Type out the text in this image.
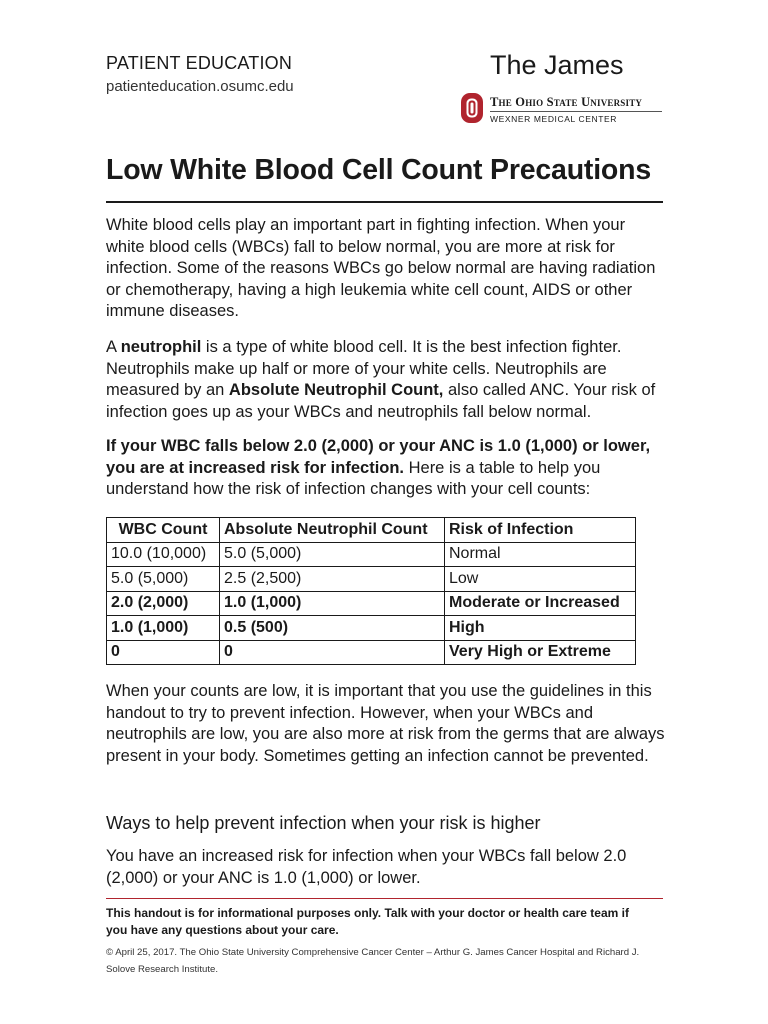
PATIENT EDUCATION
patienteducation.osumc.edu
The James
The Ohio State University
WEXNER MEDICAL CENTER
Low White Blood Cell Count Precautions

White blood cells play an important part in fighting infection. When your white blood cells (WBCs) fall to below normal, you are more at risk for infection. Some of the reasons WBCs go below normal are having radiation or chemotherapy, having a high leukemia white cell count, AIDS or other immune diseases.

A neutrophil is a type of white blood cell. It is the best infection fighter. Neutrophils make up half or more of your white cells. Neutrophils are measured by an Absolute Neutrophil Count, also called ANC. Your risk of infection goes up as your WBCs and neutrophils fall below normal.

If your WBC falls below 2.0 (2,000) or your ANC is 1.0 (1,000) or lower, you are at increased risk for infection. Here is a table to help you understand how the risk of infection changes with your cell counts:

WBC Count	Absolute Neutrophil Count	Risk of Infection
10.0 (10,000)	5.0 (5,000)	Normal
5.0 (5,000)	2.5 (2,500)	Low
2.0 (2,000)	1.0 (1,000)	Moderate or Increased
1.0 (1,000)	0.5 (500)	High
0	0	Very High or Extreme

When your counts are low, it is important that you use the guidelines in this handout to try to prevent infection. However, when your WBCs and neutrophils are low, you are also more at risk from the germs that are always present in your body. Sometimes getting an infection cannot be prevented.

Ways to help prevent infection when your risk is higher

You have an increased risk for infection when your WBCs fall below 2.0 (2,000) or your ANC is 1.0 (1,000) or lower.

This handout is for informational purposes only. Talk with your doctor or health care team if you have any questions about your care.

© April 25, 2017. The Ohio State University Comprehensive Cancer Center – Arthur G. James Cancer Hospital and Richard J. Solove Research Institute.
